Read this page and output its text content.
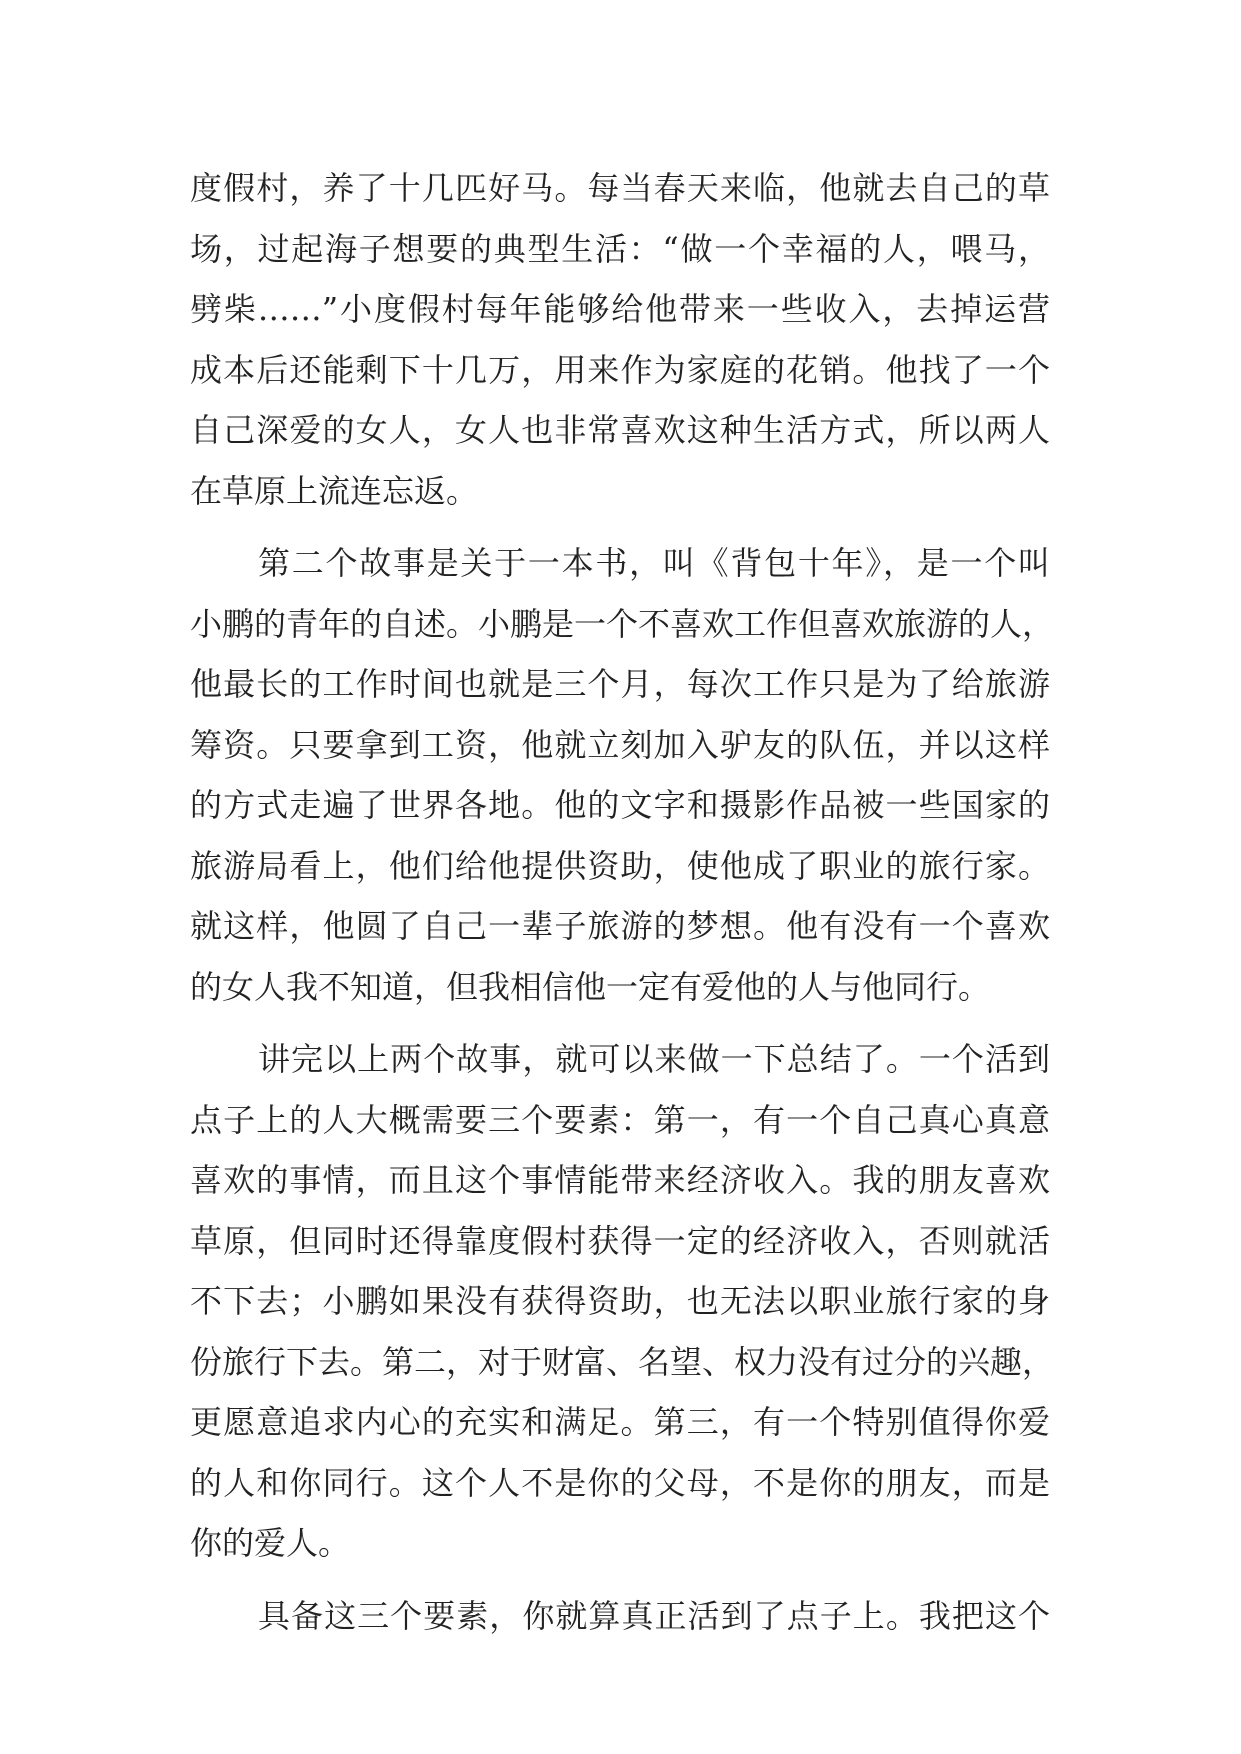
度假村，养了十几匹好马。每当春天来临，他就去自己的草
场，过起海子想要的典型生活：“做一个幸福的人，喂马，
劈柴……”小度假村每年能够给他带来一些收入，去掉运营
成本后还能剩下十几万，用来作为家庭的花销。他找了一个
自己深爱的女人，女人也非常喜欢这种生活方式，所以两人
在草原上流连忘返。
第二个故事是关于一本书，叫《背包十年》，是一个叫
小鹏的青年的自述。小鹏是一个不喜欢工作但喜欢旅游的人，
他最长的工作时间也就是三个月，每次工作只是为了给旅游
筹资。只要拿到工资，他就立刻加入驴友的队伍，并以这样
的方式走遍了世界各地。他的文字和摄影作品被一些国家的
旅游局看上，他们给他提供资助，使他成了职业的旅行家。
就这样，他圆了自己一辈子旅游的梦想。他有没有一个喜欢
的女人我不知道，但我相信他一定有爱他的人与他同行。
讲完以上两个故事，就可以来做一下总结了。一个活到
点子上的人大概需要三个要素：第一，有一个自己真心真意
喜欢的事情，而且这个事情能带来经济收入。我的朋友喜欢
草原，但同时还得靠度假村获得一定的经济收入，否则就活
不下去；小鹏如果没有获得资助，也无法以职业旅行家的身
份旅行下去。第二，对于财富、名望、权力没有过分的兴趣，
更愿意追求内心的充实和满足。第三，有一个特别值得你爱
的人和你同行。这个人不是你的父母，不是你的朋友，而是
你的爱人。
具备这三个要素，你就算真正活到了点子上。我把这个
